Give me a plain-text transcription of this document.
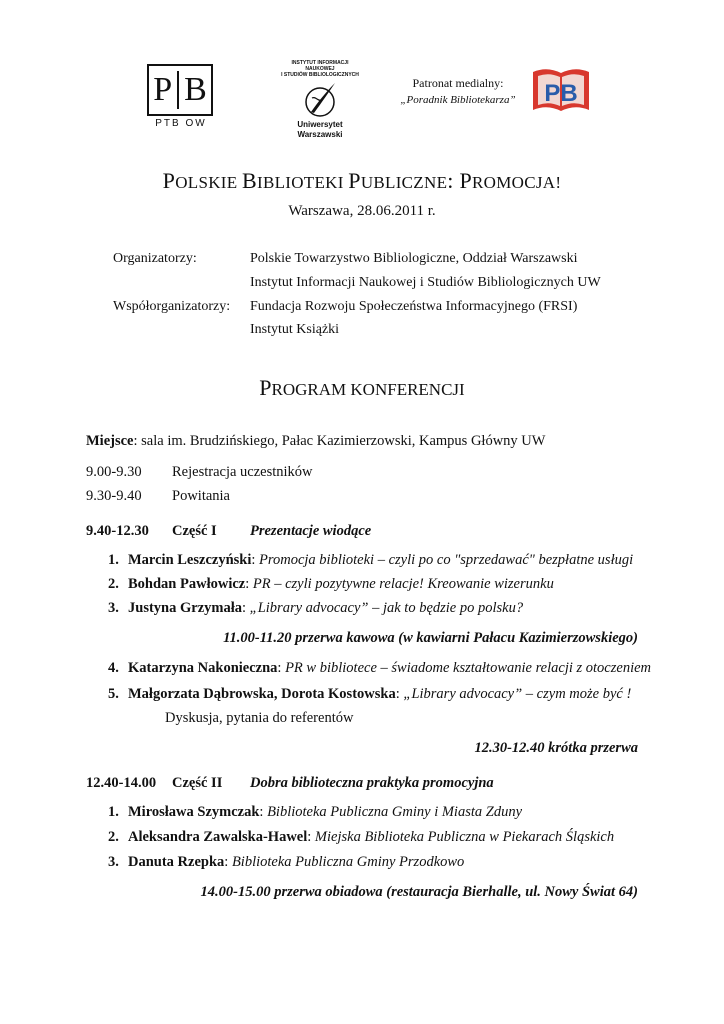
P B
PTB OW
INSTYTUT INFORMACJI NAUKOWEJ
I STUDIÓW BIBLIOLOGICZNYCH
Uniwersytet
Warszawski
Patronat medialny:
„Poradnik Bibliotekarza” PB
POLSKIE BIBLIOTEKI PUBLICZNE: PROMOCJA!
Warszawa, 28.06.2011 r.
Organizatorzy:	Polskie Towarzystwo Bibliologiczne, Oddział Warszawski
Instytut Informacji Naukowej i Studiów Bibliologicznych UW
Współorganizatorzy: Fundacja Rozwoju Społeczeństwa Informacyjnego (FRSI)
Instytut Książki
PROGRAM KONFERENCJI
Miejsce: sala im. Brudzińskiego, Pałac Kazimierzowski, Kampus Główny UW
9.00-9.30 Rejestracja uczestników
9.30-9.40 Powitania
9.40-12.30 Część I Prezentacje wiodące
1. Marcin Leszczyński: Promocja biblioteki – czyli po co "sprzedawać" bezpłatne usługi
2. Bohdan Pawłowicz: PR – czyli pozytywne relacje! Kreowanie wizerunku
3. Justyna Grzymała: „Library advocacy” – jak to będzie po polsku?
11.00-11.20 przerwa kawowa (w kawiarni Pałacu Kazimierzowskiego)
4. Katarzyna Nakonieczna: PR w bibliotece – świadome kształtowanie relacji z otoczeniem
5. Małgorzata Dąbrowska, Dorota Kostowska: „Library advocacy” – czym może być !
Dyskusja, pytania do referentów
12.30-12.40 krótka przerwa
12.40-14.00 Część II Dobra biblioteczna praktyka promocyjna
1. Mirosława Szymczak: Biblioteka Publiczna Gminy i Miasta Zduny
2. Aleksandra Zawalska-Hawel: Miejska Biblioteka Publiczna w Piekarach Śląskich
3. Danuta Rzepka: Biblioteka Publiczna Gminy Przodkowo
14.00-15.00 przerwa obiadowa (restauracja Bierhalle, ul. Nowy Świat 64)
